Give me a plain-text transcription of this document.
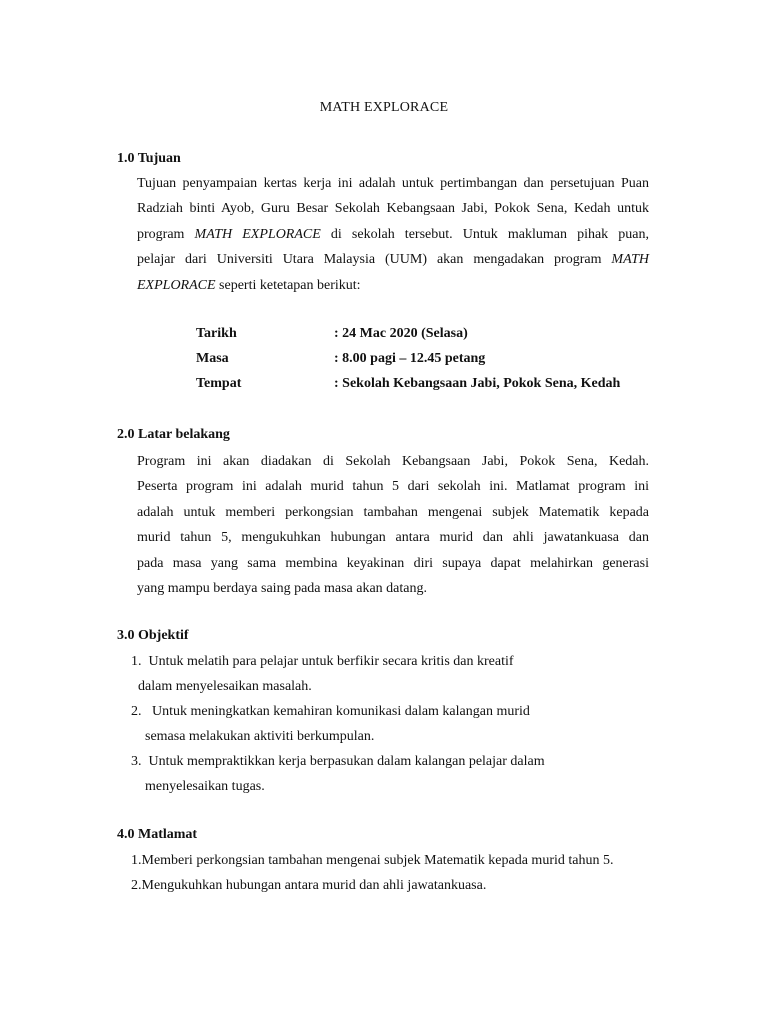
MATH EXPLORACE
1.0 Tujuan
Tujuan penyampaian kertas kerja ini adalah untuk pertimbangan dan persetujuan Puan
Radziah binti Ayob, Guru Besar Sekolah Kebangsaan Jabi, Pokok Sena, Kedah untuk
program MATH EXPLORACE di sekolah tersebut. Untuk makluman pihak puan,
pelajar dari Universiti Utara Malaysia (UUM) akan mengadakan program MATH
EXPLORACE seperti ketetapan berikut:
Tarikh	: 24 Mac 2020 (Selasa)
Masa	: 8.00 pagi – 12.45 petang
Tempat	: Sekolah Kebangsaan Jabi, Pokok Sena, Kedah
2.0 Latar belakang
Program ini akan diadakan di Sekolah Kebangsaan Jabi, Pokok Sena, Kedah.
Peserta program ini adalah murid tahun 5 dari sekolah ini. Matlamat program ini
adalah untuk memberi perkongsian tambahan mengenai subjek Matematik kepada
murid tahun 5, mengukuhkan hubungan antara murid dan ahli jawatankuasa dan
pada masa yang sama membina keyakinan diri supaya dapat melahirkan generasi
yang mampu berdaya saing pada masa akan datang.
3.0 Objektif
1. Untuk melatih para pelajar untuk berfikir secara kritis dan kreatif
dalam menyelesaikan masalah.
2. Untuk meningkatkan kemahiran komunikasi dalam kalangan murid
semasa melakukan aktiviti berkumpulan.
3. Untuk mempraktikkan kerja berpasukan dalam kalangan pelajar dalam
menyelesaikan tugas.
4.0 Matlamat
1.Memberi perkongsian tambahan mengenai subjek Matematik kepada murid tahun 5.
2.Mengukuhkan hubungan antara murid dan ahli jawatankuasa.
